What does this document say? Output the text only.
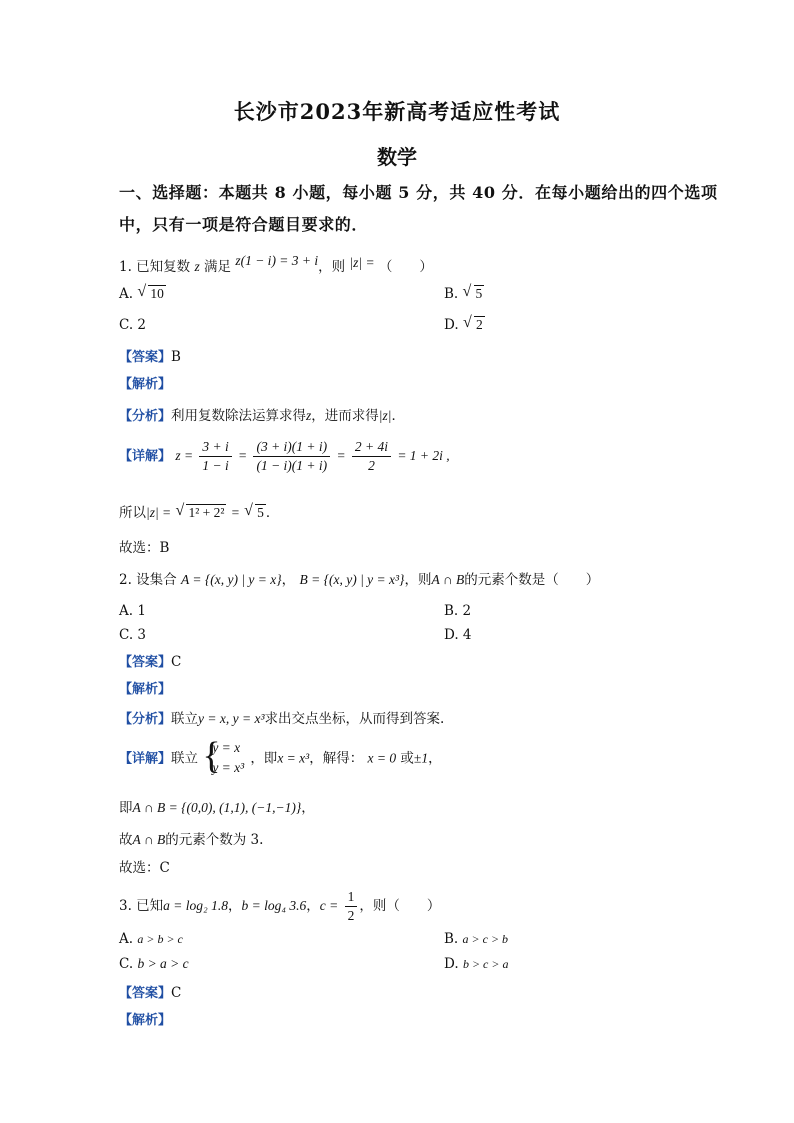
长沙市2023年新高考适应性考试
数学
一、选择题：本题共 8 小题，每小题 5 分，共 40 分．在每小题给出的四个选项
中，只有一项是符合题目要求的．
1. 已知复数 z 满足 z(1 − i) = 3 + i，则 |z| = （　　）
A. √ 10	B. √ 5
C. 2	D. √ 2
【答案】B
【解析】
【分析】利用复数除法运算求得z，进而求得|z|．
【详解】 $z = \frac{3 + i}{1 - i} = \frac{(3 + i)(1 + i)}{(1 - i)(1 + i)} = \frac{2 + 4i}{2} = 1 + 2i$ ,
所以|z| = √ 1² + 2² = √ 5 ．
故选：B
2. 设集合 A = {(x, y) | y = x}， B = {(x, y) | y = x³}，则A ∩ B的元素个数是（　　）
A. 1	B. 2
C. 3	D. 4
【答案】C
【解析】
【分析】联立y = x, y = x³求出交点坐标，从而得到答案.
【详解】联立 {
y = x
y = x³
，即x = x³，解得： x = 0 或±1，
即A ∩ B = {(0,0), (1,1), (−1,−1)}，
故A ∩ B的元素个数为 3.
故选：C
3. 已知a = log₂ 1.8，b = log₄ 3.6，$c = \frac{1}{2}$ ，则（　　）
A. a > b > c	B. a > c > b
C. b > a > c	D. b > c > a
【答案】C
【解析】
